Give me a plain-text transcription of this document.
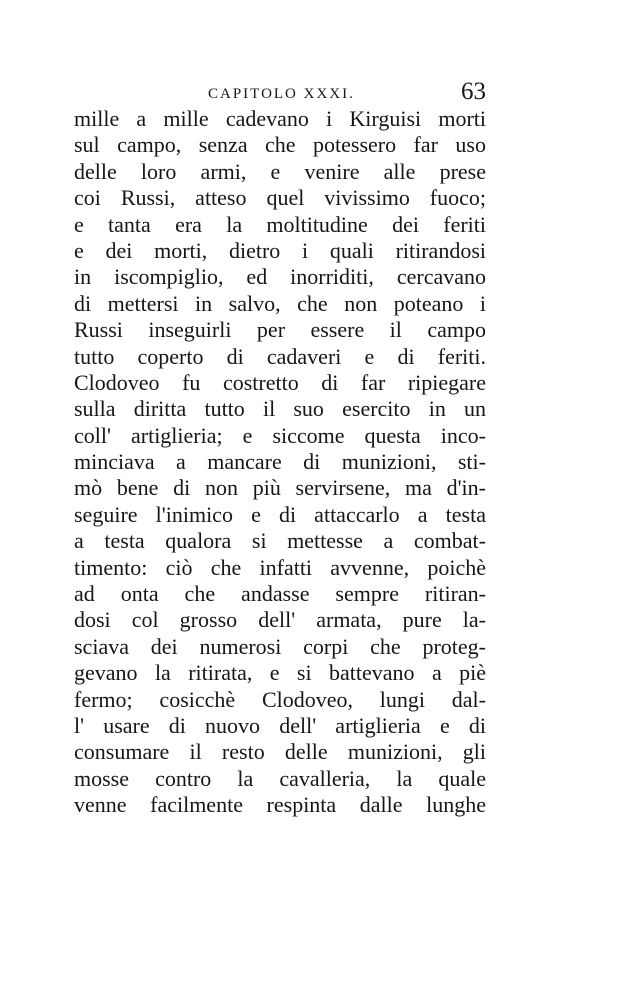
CAPITOLO XXXI.	63
mille a mille cadevano i Kirguisi morti
sul campo, senza che potessero far uso
delle loro armi, e venire alle prese
coi Russi, atteso quel vivissimo fuoco;
e tanta era la moltitudine dei feriti
e dei morti, dietro i quali ritirandosi
in iscompiglio, ed inorriditi, cercavano
di mettersi in salvo, che non poteano i
Russi inseguirli per essere il campo
tutto coperto di cadaveri e di feriti.
Clodoveo fu costretto di far ripiegare
sulla diritta tutto il suo esercito in un
coll' artiglieria; e siccome questa inco-
minciava a mancare di munizioni, sti-
mò bene di non più servirsene, ma d'in-
seguire l'inimico e di attaccarlo a testa
a testa qualora si mettesse a combat-
timento: ciò che infatti avvenne, poichè
ad onta che andasse sempre ritiran-
dosi col grosso dell' armata, pure la-
sciava dei numerosi corpi che proteg-
gevano la ritirata, e si battevano a piè
fermo; cosicchè Clodoveo, lungi dal-
l' usare di nuovo dell' artiglieria e di
consumare il resto delle munizioni, gli
mosse contro la cavalleria, la quale
venne facilmente respinta dalle lunghe
